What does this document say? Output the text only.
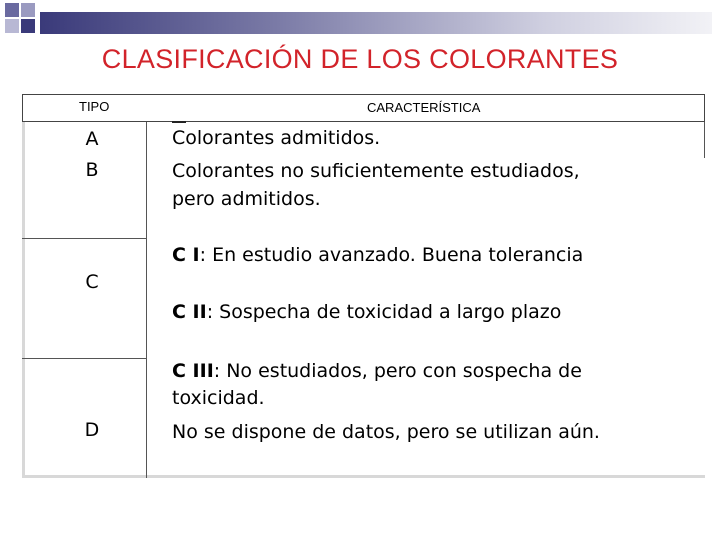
CLASIFICACIÓN DE LOS COLORANTES
TIPO	CARACTERÍSTICA
A
B
Colorantes admitidos.
Colorantes no suficientemente estudiados,
pero admitidos.
C
C I: En estudio avanzado. Buena tolerancia
C II: Sospecha de toxicidad a largo plazo
C III: No estudiados, pero con sospecha de
toxicidad.
D	No se dispone de datos, pero se utilizan aún.
